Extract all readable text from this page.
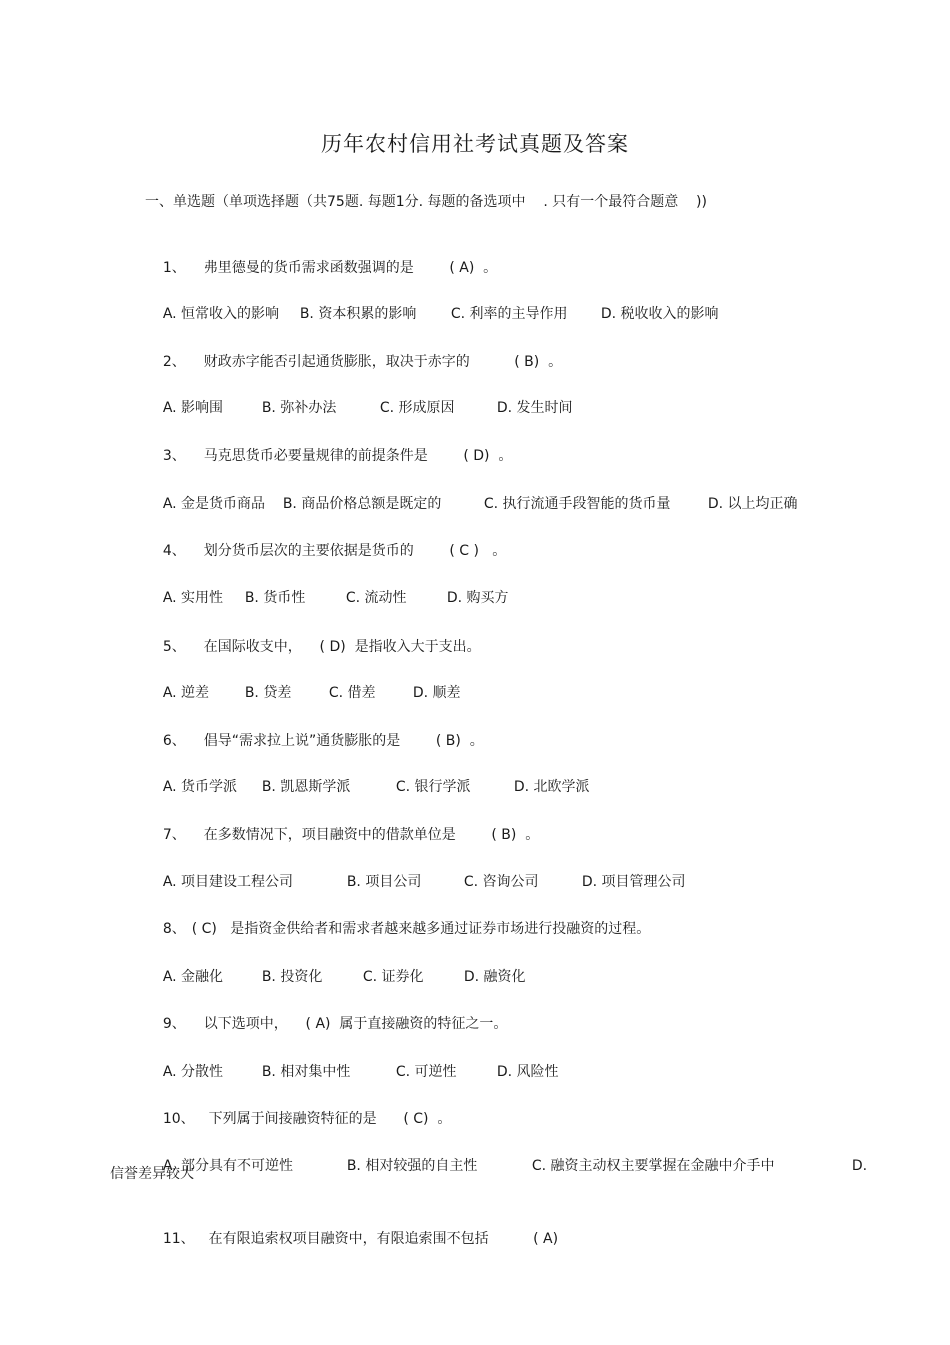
历年农村信用社考试真题及答案
一、单选题（单项选择题（共75题. 每题1分. 每题的备选项中    . 只有一个最符合题意    ))

1、 弗里德曼的货币需求函数强调的是        ( A)  。

A. 恒常收入的影响 B. 资本积累的影响 C. 利率的主导作用 D. 税收收入的影响

2、 财政赤字能否引起通货膨胀，取决于赤字的          ( B)  。

A. 影响围	B. 弥补办法	C. 形成原因	D. 发生时间

3、 马克思货币必要量规律的前提条件是        ( D)  。

A. 金是货币商品 B. 商品价格总额是既定的	C. 执行流通手段智能的货币量	D. 以上均正确

4、 划分货币层次的主要依据是货币的        ( C )   。

A. 实用性 B. 货币性	C. 流动性	D. 购买方

5、 在国际收支中，    ( D)  是指收入大于支出。

A. 逆差	B. 贷差	C. 借差	D. 顺差

6、 倡导“需求拉上说”通货膨胀的是        ( B)  。

A. 货币学派 B. 凯恩斯学派	C. 银行学派	D. 北欧学派

7、 在多数情况下，项目融资中的借款单位是        ( B)  。

A. 项目建设工程公司	B. 项目公司	C. 咨询公司	D. 项目管理公司

8、 ( C)   是指资金供给者和需求者越来越多通过证券市场进行投融资的过程。

A. 金融化	B. 投资化	C. 证券化	D. 融资化

9、 以下选项中，    ( A)  属于直接融资的特征之一。

A. 分散性	B. 相对集中性	C. 可逆性	D. 风险性

10、 下列属于间接融资特征的是      ( C)  。

A. 部分具有不可逆性	B. 相对较强的自主性	C. 融资主动权主要掌握在金融中介手中	D.

信誉差异较大

11、 在有限追索权项目融资中，有限追索围不包括          ( A)
